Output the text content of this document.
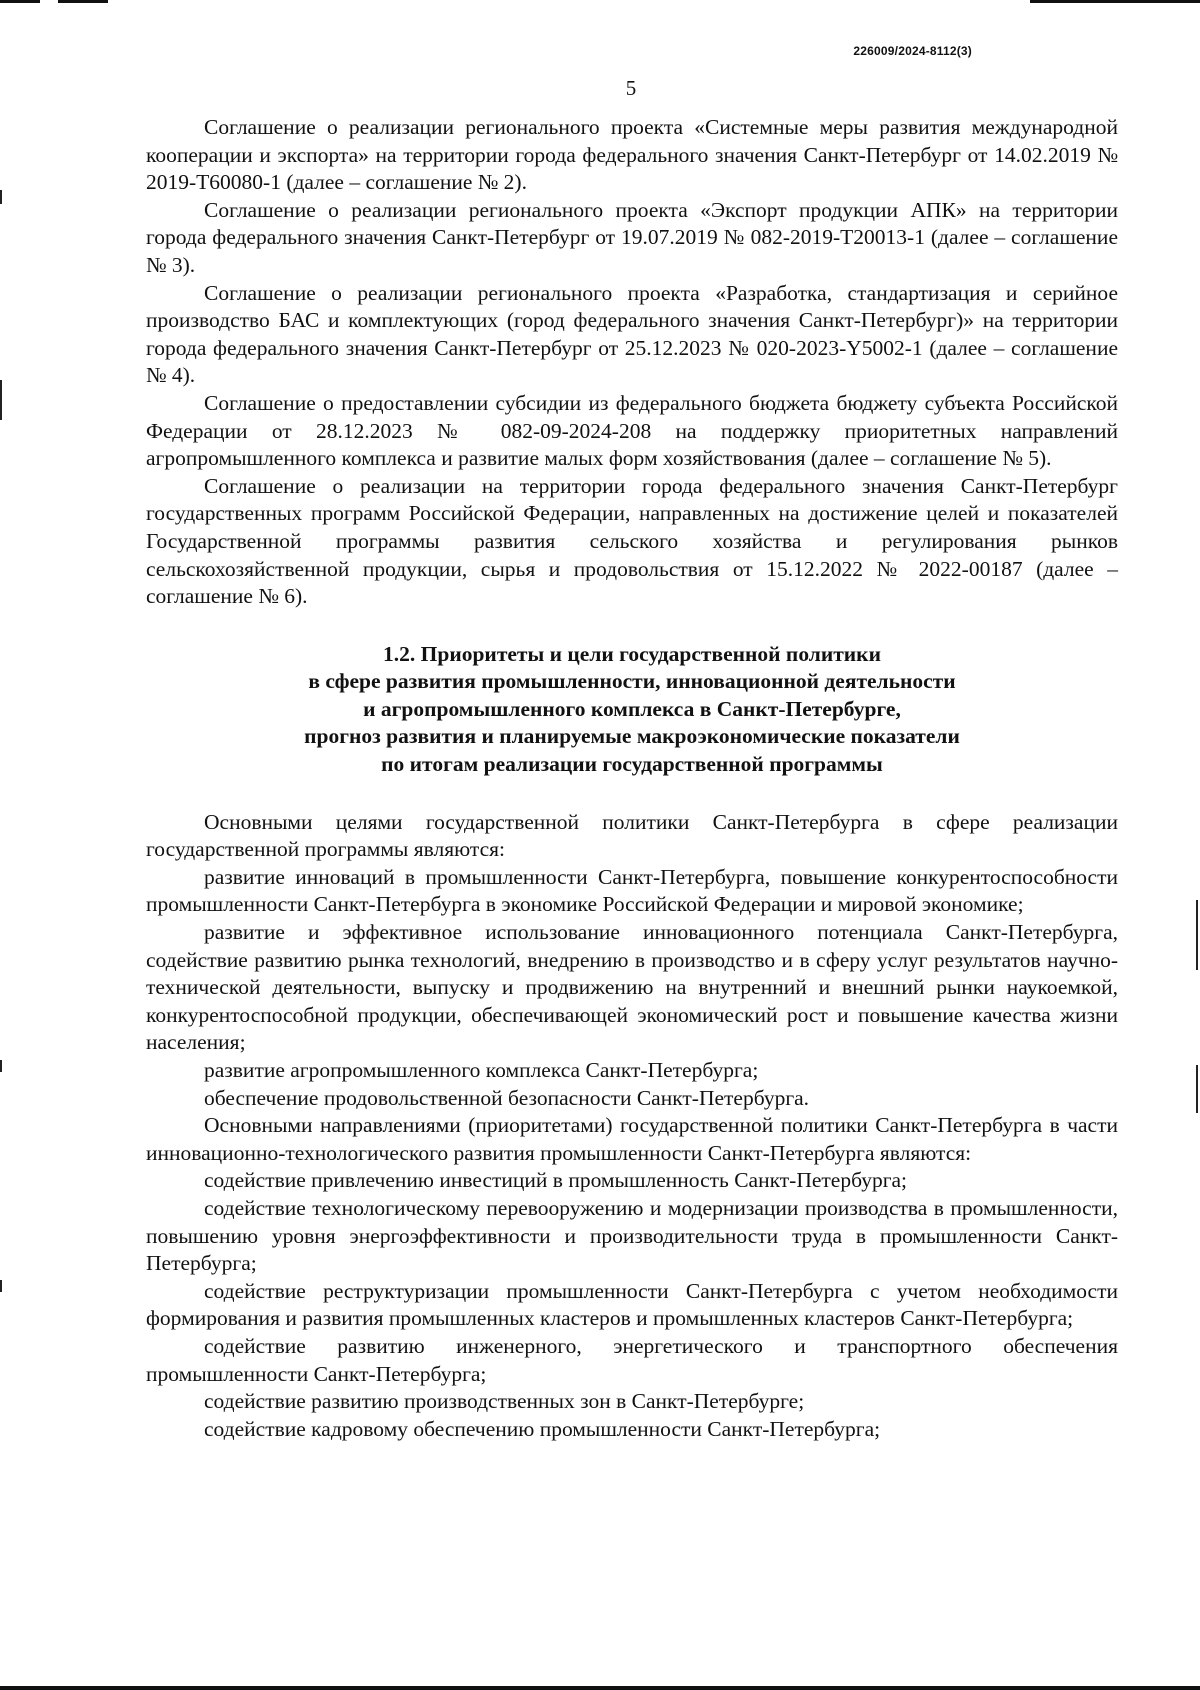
226009/2024-8112(3)
5

Соглашение о реализации регионального проекта «Системные меры развития международной кооперации и экспорта» на территории города федерального значения Санкт-Петербург от 14.02.2019 № 2019-Т60080-1 (далее – соглашение № 2).

Соглашение о реализации регионального проекта «Экспорт продукции АПК» на территории города федерального значения Санкт-Петербург от 19.07.2019 № 082-2019-Т20013-1 (далее – соглашение № 3).

Соглашение о реализации регионального проекта «Разработка, стандартизация и серийное производство БАС и комплектующих (город федерального значения Санкт-Петербург)» на территории города федерального значения Санкт-Петербург от 25.12.2023 № 020-2023-Y5002-1 (далее – соглашение № 4).

Соглашение о предоставлении субсидии из федерального бюджета бюджету субъекта Российской Федерации от 28.12.2023 № 082-09-2024-208 на поддержку приоритетных направлений агропромышленного комплекса и развитие малых форм хозяйствования (далее – соглашение № 5).

Соглашение о реализации на территории города федерального значения Санкт-Петербург государственных программ Российской Федерации, направленных на достижение целей и показателей Государственной программы развития сельского хозяйства и регулирования рынков сельскохозяйственной продукции, сырья и продовольствия от 15.12.2022 № 2022-00187 (далее – соглашение № 6).

1.2. Приоритеты и цели государственной политики
в сфере развития промышленности, инновационной деятельности
и агропромышленного комплекса в Санкт-Петербурге,
прогноз развития и планируемые макроэкономические показатели
по итогам реализации государственной программы

Основными целями государственной политики Санкт-Петербурга в сфере реализации государственной программы являются:

развитие инноваций в промышленности Санкт-Петербурга, повышение конкурентоспособности промышленности Санкт-Петербурга в экономике Российской Федерации и мировой экономике;

развитие и эффективное использование инновационного потенциала Санкт-Петербурга, содействие развитию рынка технологий, внедрению в производство и в сферу услуг результатов научно-технической деятельности, выпуску и продвижению на внутренний и внешний рынки наукоемкой, конкурентоспособной продукции, обеспечивающей экономический рост и повышение качества жизни населения;

развитие агропромышленного комплекса Санкт-Петербурга;

обеспечение продовольственной безопасности Санкт-Петербурга.

Основными направлениями (приоритетами) государственной политики Санкт-Петербурга в части инновационно-технологического развития промышленности Санкт-Петербурга являются:

содействие привлечению инвестиций в промышленность Санкт-Петербурга;

содействие технологическому перевооружению и модернизации производства в промышленности, повышению уровня энергоэффективности и производительности труда в промышленности Санкт-Петербурга;

содействие реструктуризации промышленности Санкт-Петербурга с учетом необходимости формирования и развития промышленных кластеров и промышленных кластеров Санкт-Петербурга;

содействие развитию инженерного, энергетического и транспортного обеспечения промышленности Санкт-Петербурга;

содействие развитию производственных зон в Санкт-Петербурге;

содействие кадровому обеспечению промышленности Санкт-Петербурга;
